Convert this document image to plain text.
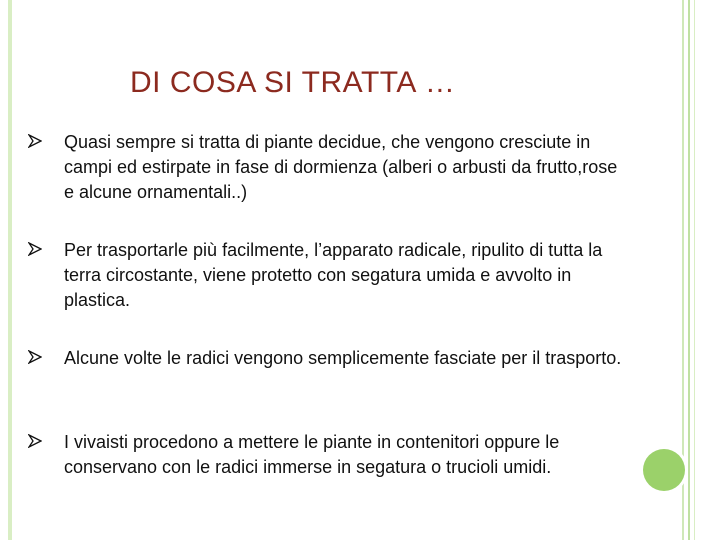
DI COSA SI TRATTA …
Quasi sempre si tratta di piante decidue, che vengono cresciute in campi ed estirpate in fase di dormienza (alberi o arbusti da frutto,rose e alcune ornamentali..)
Per trasportarle più facilmente, l’apparato radicale, ripulito di tutta la terra circostante, viene protetto con segatura umida e avvolto in plastica.
Alcune volte le radici vengono semplicemente fasciate per il trasporto.
I vivaisti procedono a mettere le piante in contenitori oppure le conservano con le radici immerse in segatura o trucioli umidi.
